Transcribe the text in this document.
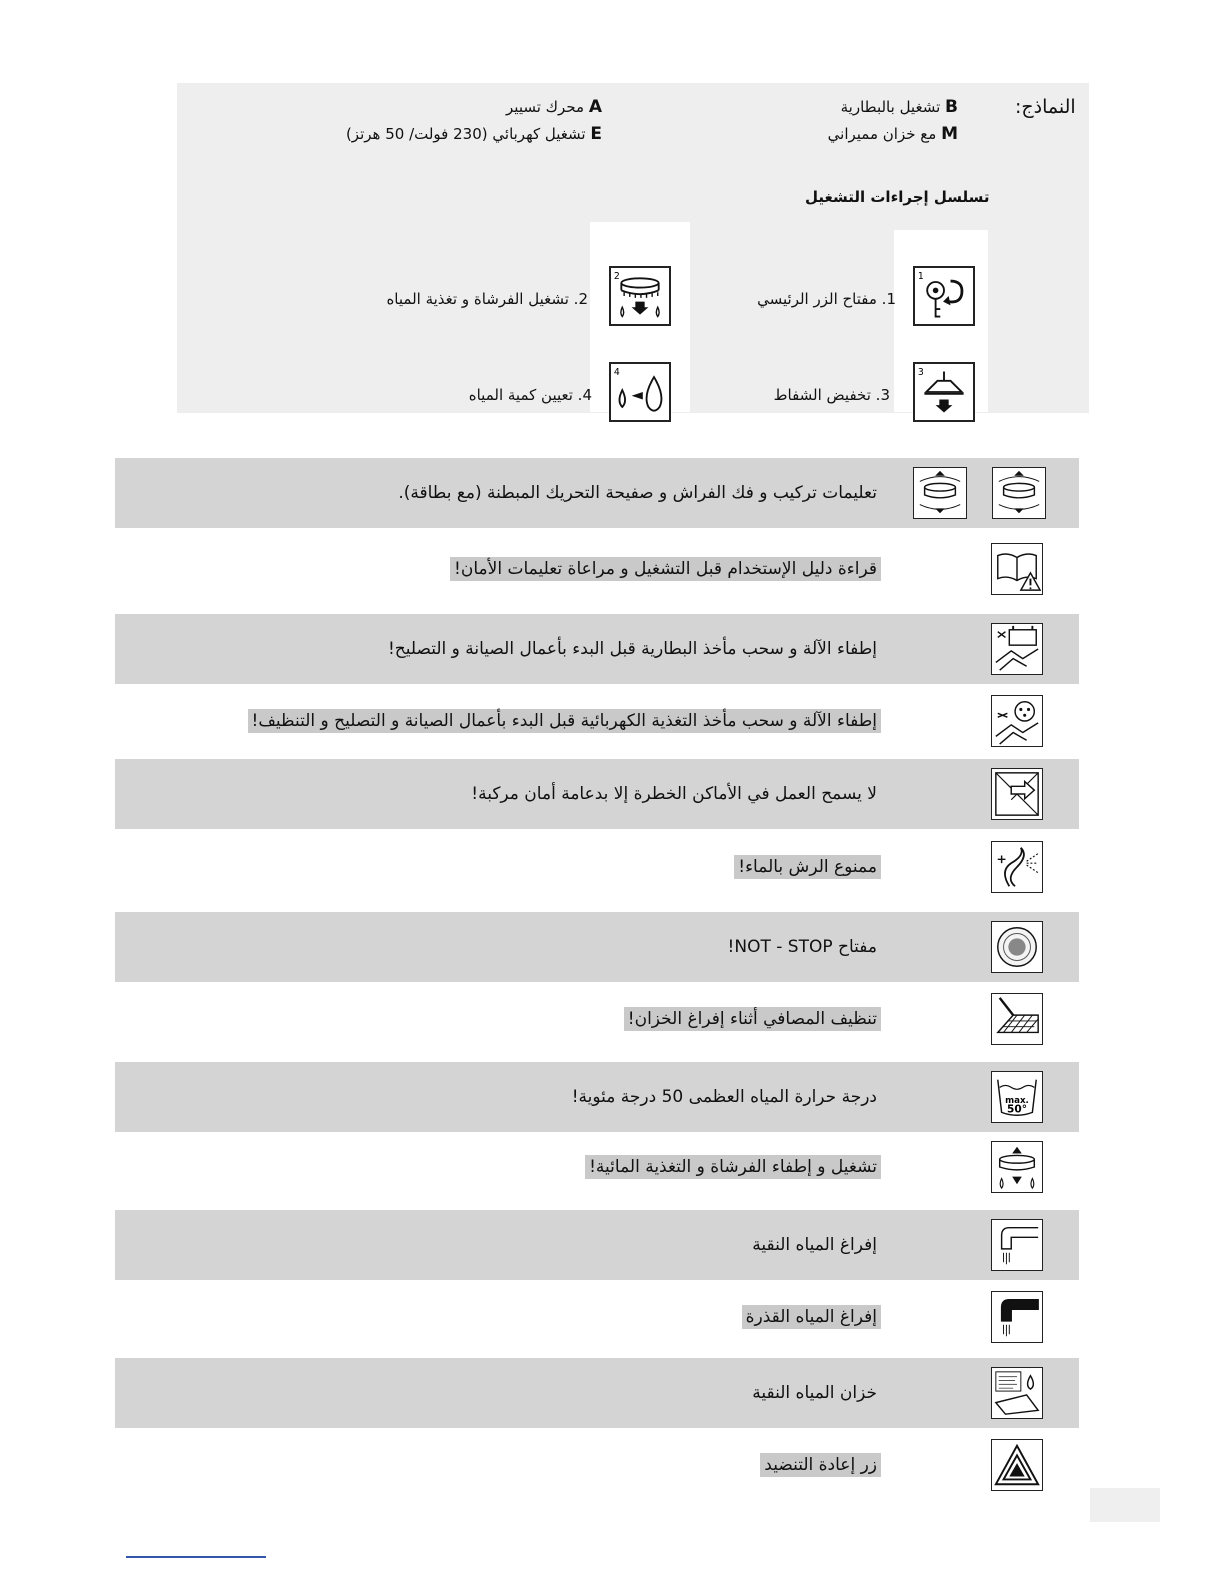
النماذج:
B تشغيل بالبطارية
M مع خزان مميراني
A محرك تسيير
E تشغيل كهربائي (230 فولت/ 50 هرتز)
تسلسل إجراءات التشغيل
1
1. مفتاح الزر الرئيسي
2
2. تشغيل الفرشاة و تغذية المياه
3
3. تخفيض الشفاط
4
4. تعيين كمية المياه
تعليمات تركيب و فك الفراش و صفيحة التحريك المبطنة (مع بطاقة).
قراءة دليل الإستخدام قبل التشغيل و مراعاة تعليمات الأمان!
إطفاء الآلة و سحب مأخذ البطارية قبل البدء بأعمال الصيانة و التصليح!
إطفاء الآلة و سحب مأخذ التغذية الكهربائية قبل البدء بأعمال الصيانة و التصليح و التنظيف!
لا يسمح العمل في الأماكن الخطرة إلا بدعامة أمان مركبة!
ممنوع الرش بالماء!
مفتاح NOT - STOP!
تنظيف المصافي أثناء إفراغ الخزان!
max.
50°
درجة حرارة المياه العظمى 50 درجة مئوية!
تشغيل و إطفاء الفرشاة و التغذية المائية!
إفراغ المياه النقية
إفراغ المياه القذرة
خزان المياه النقية
زر إعادة التنضيد
